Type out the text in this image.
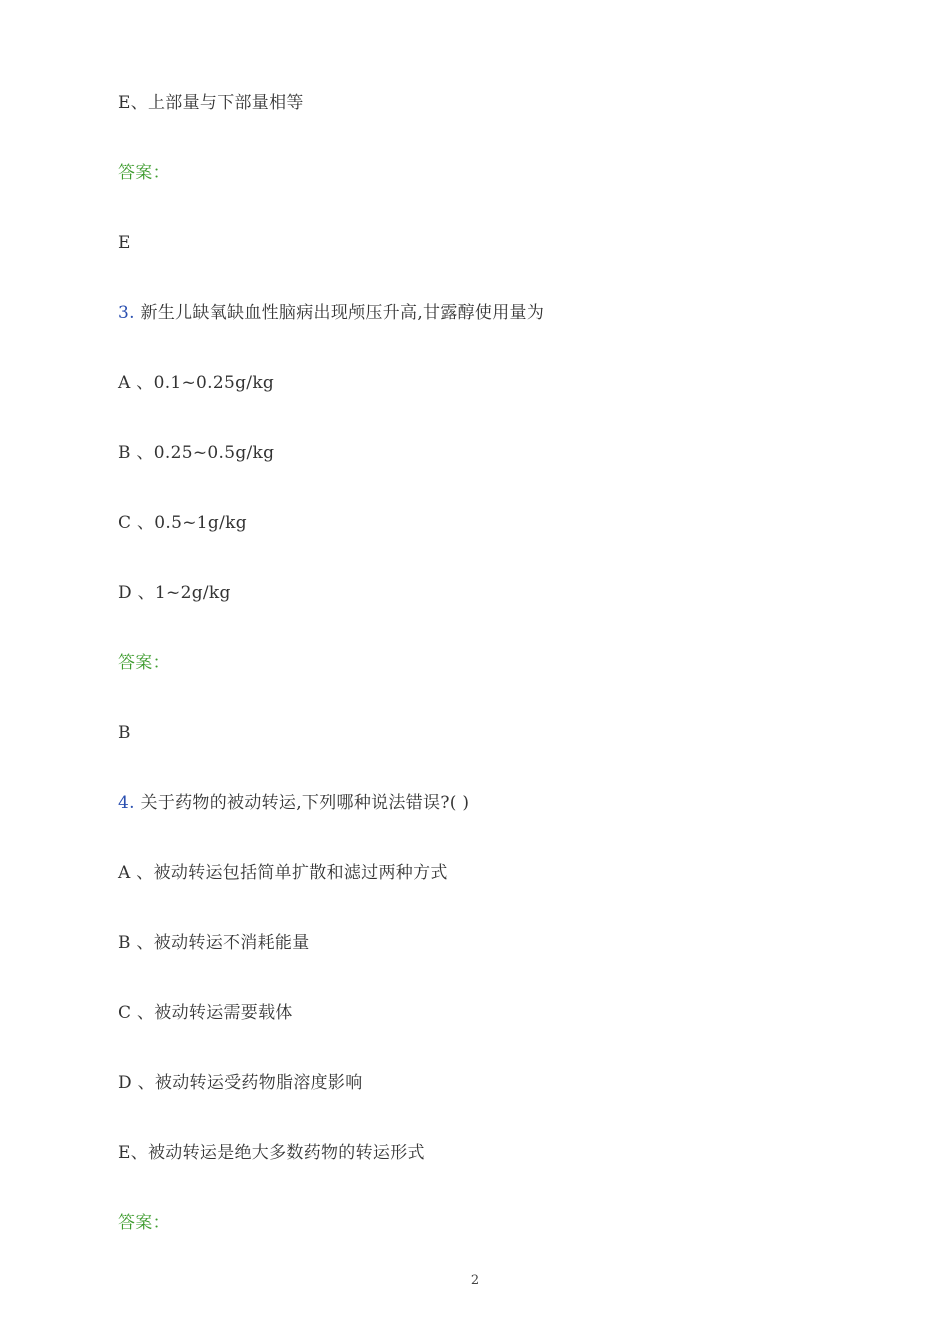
E、上部量与下部量相等
答案：
E
3. 新生儿缺氧缺血性脑病出现颅压升高,甘露醇使用量为
A 、0.1~0.25g/kg
B 、0.25~0.5g/kg
C 、0.5~1g/kg
D 、1~2g/kg
答案：
B
4. 关于药物的被动转运,下列哪种说法错误?( )
A 、被动转运包括简单扩散和滤过两种方式
B 、被动转运不消耗能量
C 、被动转运需要载体
D 、被动转运受药物脂溶度影响
E、被动转运是绝大多数药物的转运形式
答案：
2
